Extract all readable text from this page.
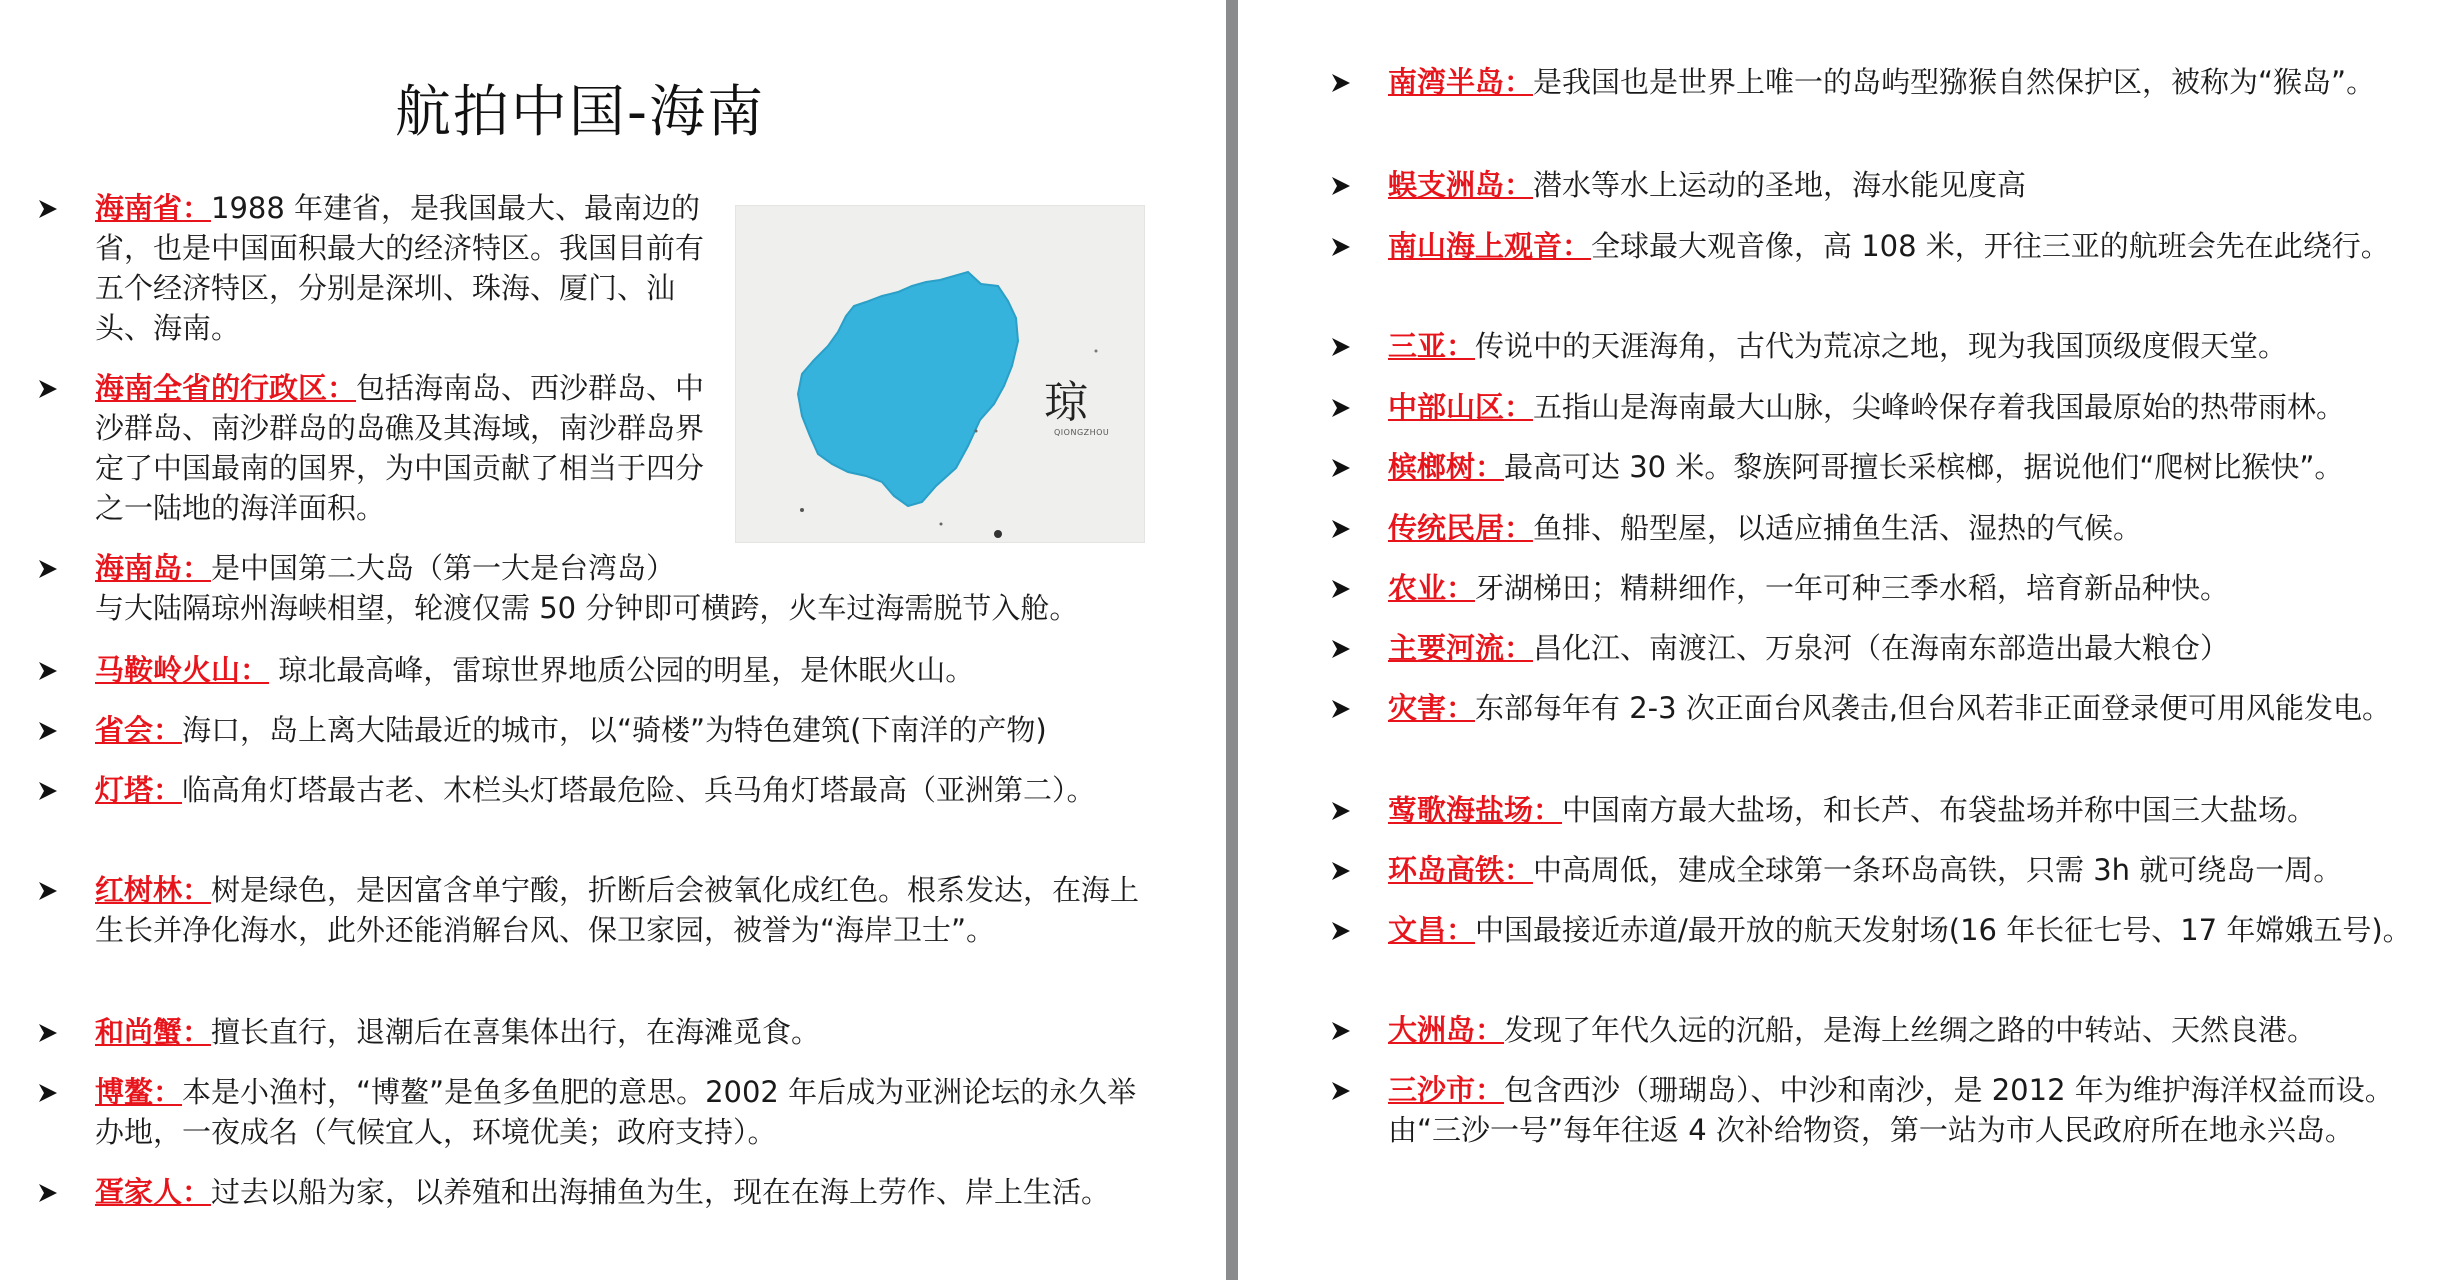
航拍中国-海南
琼
QIONGZHOU
海南省：1988 年建省，是我国最大、最南边的省，也是中国面积最大的经济特区。我国目前有五个经济特区，分别是深圳、珠海、厦门、汕头、海南。
海南全省的行政区：包括海南岛、西沙群岛、中沙群岛、南沙群岛的岛礁及其海域，南沙群岛界定了中国最南的国界，为中国贡献了相当于四分之一陆地的海洋面积。
海南岛：是中国第二大岛（第一大是台湾岛）
与大陆隔琼州海峡相望，轮渡仅需 50 分钟即可横跨，火车过海需脱节入舱。
马鞍岭火山： 琼北最高峰，雷琼世界地质公园的明星，是休眠火山。
省会：海口，岛上离大陆最近的城市，以“骑楼”为特色建筑(下南洋的产物)
灯塔：临高角灯塔最古老、木栏头灯塔最危险、兵马角灯塔最高（亚洲第二）。
红树林：树是绿色，是因富含单宁酸，折断后会被氧化成红色。根系发达，在海上生长并净化海水，此外还能消解台风、保卫家园，被誉为“海岸卫士”。
和尚蟹：擅长直行，退潮后在喜集体出行，在海滩觅食。
博鳌：本是小渔村，“博鳌”是鱼多鱼肥的意思。2002 年后成为亚洲论坛的永久举办地，一夜成名（气候宜人，环境优美；政府支持）。
疍家人：过去以船为家，以养殖和出海捕鱼为生，现在在海上劳作、岸上生活。
南湾半岛：是我国也是世界上唯一的岛屿型猕猴自然保护区，被称为“猴岛”。
蜈支洲岛：潜水等水上运动的圣地，海水能见度高
南山海上观音：全球最大观音像，高 108 米，开往三亚的航班会先在此绕行。
三亚：传说中的天涯海角，古代为荒凉之地，现为我国顶级度假天堂。
中部山区：五指山是海南最大山脉，尖峰岭保存着我国最原始的热带雨林。
槟榔树：最高可达 30 米。黎族阿哥擅长采槟榔，据说他们“爬树比猴快”。
传统民居：鱼排、船型屋，以适应捕鱼生活、湿热的气候。
农业：牙湖梯田；精耕细作，一年可种三季水稻，培育新品种快。
主要河流：昌化江、南渡江、万泉河（在海南东部造出最大粮仓）
灾害：东部每年有 2-3 次正面台风袭击,但台风若非正面登录便可用风能发电。
莺歌海盐场：中国南方最大盐场，和长芦、布袋盐场并称中国三大盐场。
环岛高铁：中高周低，建成全球第一条环岛高铁，只需 3h 就可绕岛一周。
文昌：中国最接近赤道/最开放的航天发射场(16 年长征七号、17 年嫦娥五号)。
大洲岛：发现了年代久远的沉船，是海上丝绸之路的中转站、天然良港。
三沙市：包含西沙（珊瑚岛）、中沙和南沙，是 2012 年为维护海洋权益而设。由“三沙一号”每年往返 4 次补给物资，第一站为市人民政府所在地永兴岛。
